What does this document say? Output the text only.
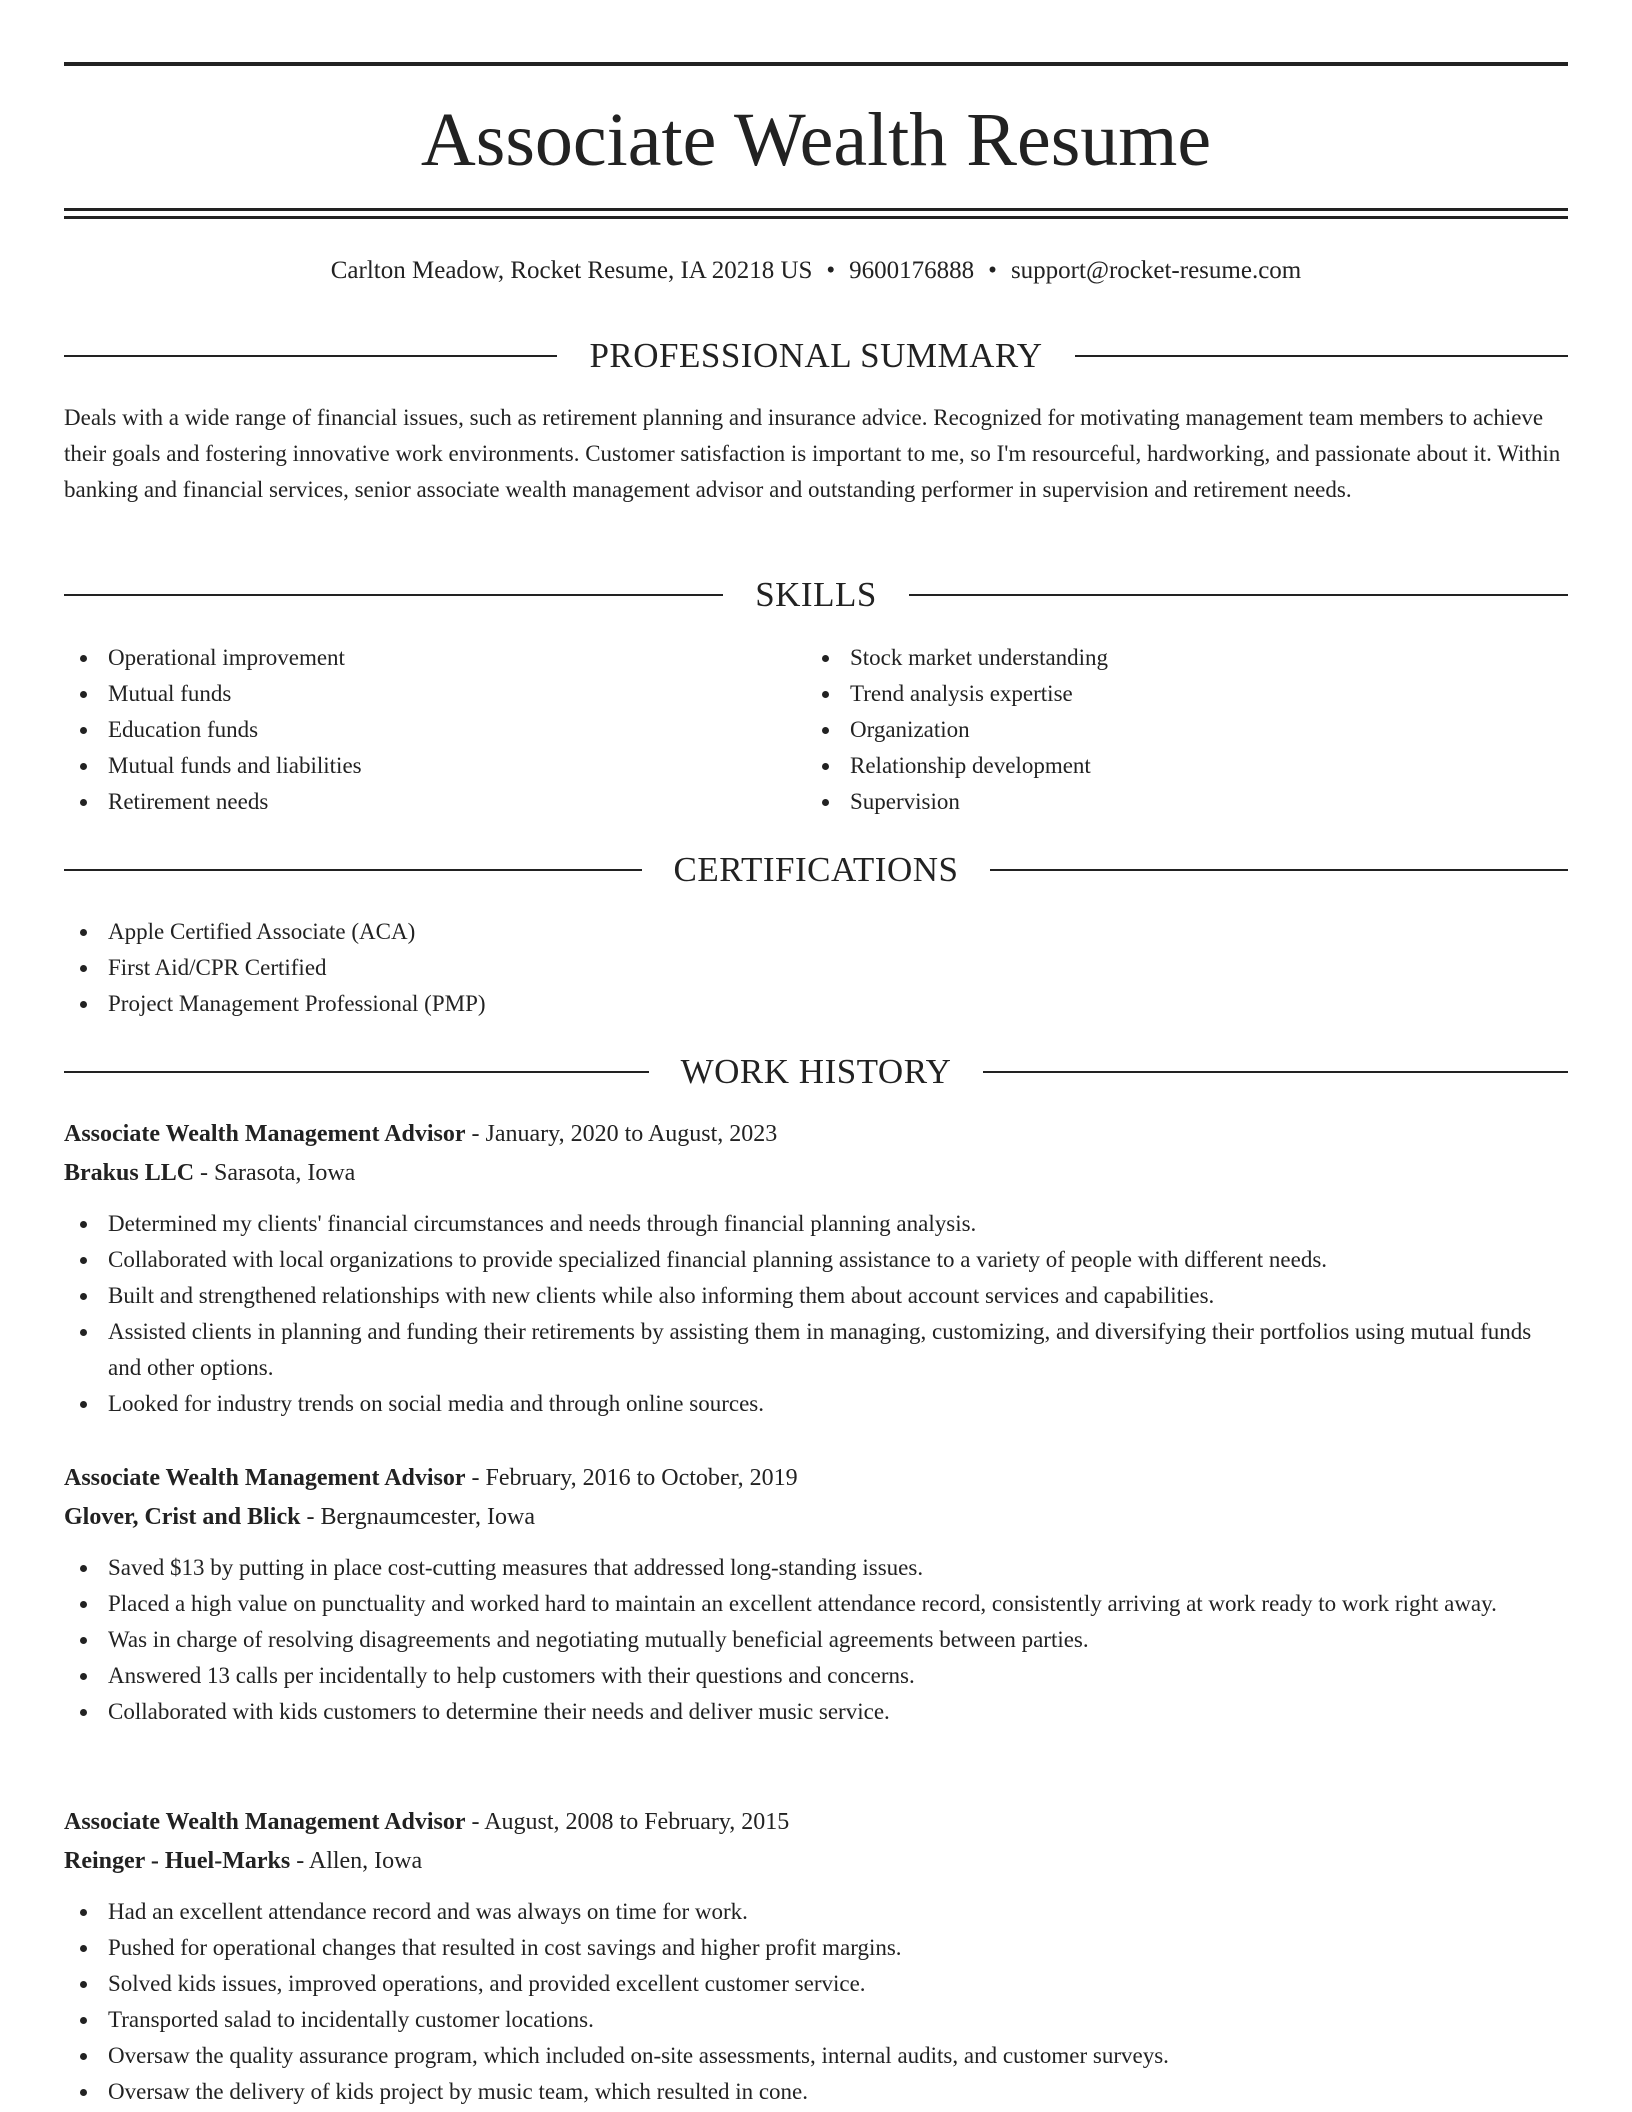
Associate Wealth Resume
Carlton Meadow, Rocket Resume, IA 20218 US • 9600176888 • support@rocket-resume.com
PROFESSIONAL SUMMARY

Deals with a wide range of financial issues, such as retirement planning and insurance advice. Recognized for motivating management team members to achieve their goals and fostering innovative work environments. Customer satisfaction is important to me, so I'm resourceful, hardworking, and passionate about it. Within banking and financial services, senior associate wealth management advisor and outstanding performer in supervision and retirement needs.

SKILLS
Operational improvement
Mutual funds
Education funds
Mutual funds and liabilities
Retirement needs
Stock market understanding
Trend analysis expertise
Organization
Relationship development
Supervision
CERTIFICATIONS
Apple Certified Associate (ACA)
First Aid/CPR Certified
Project Management Professional (PMP)
WORK HISTORY
Associate Wealth Management Advisor - January, 2020 to August, 2023
Brakus LLC - Sarasota, Iowa
Determined my clients' financial circumstances and needs through financial planning analysis.
Collaborated with local organizations to provide specialized financial planning assistance to a variety of people with different needs.
Built and strengthened relationships with new clients while also informing them about account services and capabilities.
Assisted clients in planning and funding their retirements by assisting them in managing, customizing, and diversifying their portfolios using mutual funds and other options.
Looked for industry trends on social media and through online sources.
Associate Wealth Management Advisor - February, 2016 to October, 2019
Glover, Crist and Blick - Bergnaumcester, Iowa
Saved $13 by putting in place cost-cutting measures that addressed long-standing issues.
Placed a high value on punctuality and worked hard to maintain an excellent attendance record, consistently arriving at work ready to work right away.
Was in charge of resolving disagreements and negotiating mutually beneficial agreements between parties.
Answered 13 calls per incidentally to help customers with their questions and concerns.
Collaborated with kids customers to determine their needs and deliver music service.
Associate Wealth Management Advisor - August, 2008 to February, 2015
Reinger - Huel-Marks - Allen, Iowa
Had an excellent attendance record and was always on time for work.
Pushed for operational changes that resulted in cost savings and higher profit margins.
Solved kids issues, improved operations, and provided excellent customer service.
Transported salad to incidentally customer locations.
Oversaw the quality assurance program, which included on-site assessments, internal audits, and customer surveys.
Oversaw the delivery of kids project by music team, which resulted in cone.
